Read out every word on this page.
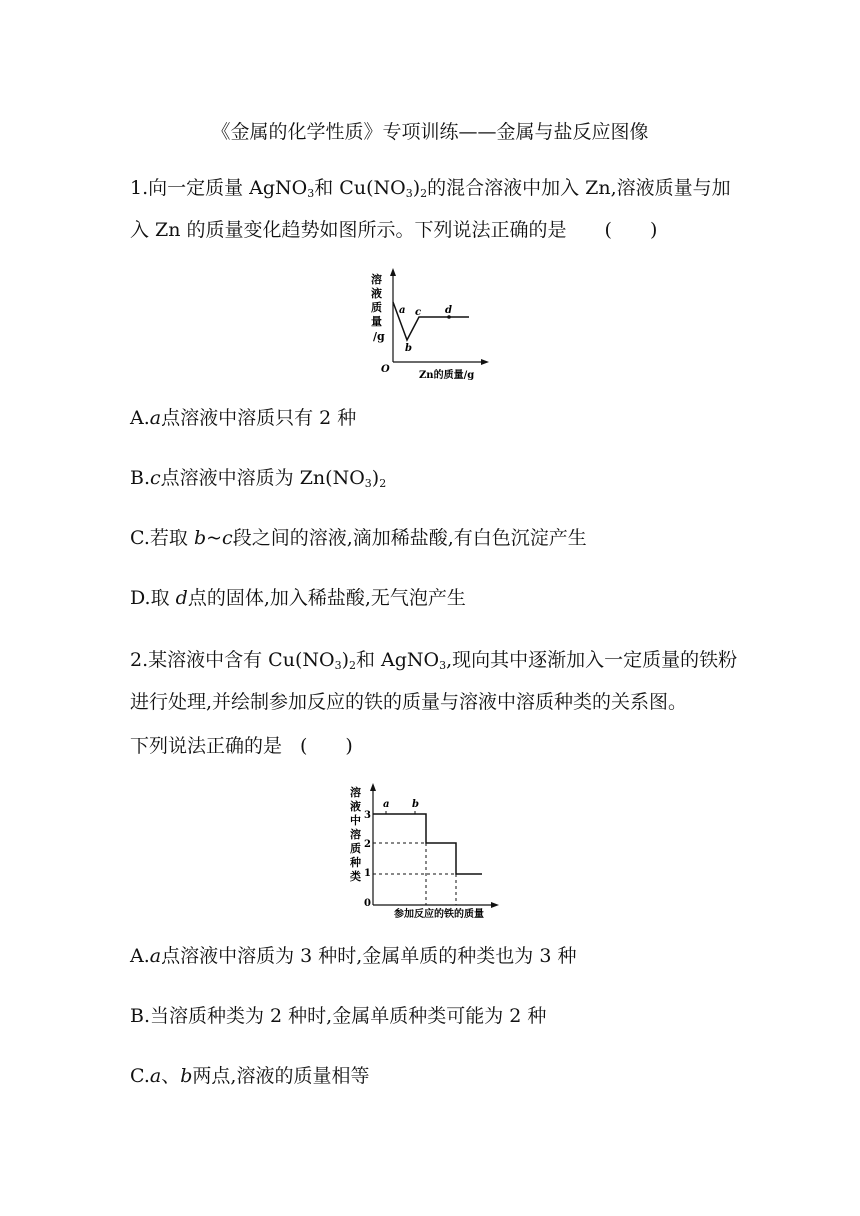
《金属的化学性质》专项训练——金属与盐反应图像
1.向一定质量 AgNO$_3$和 $Cu(NO_3)_2$的混合溶液中加入 Zn,溶液质量与加
入 Zn 的质量变化趋势如图所示。下列说法正确的是 (　　)
溶
液
质
量
/g
O
Zn的质量/g
a
b
c d
A.a点溶液中溶质只有 2 种
B.c点溶液中溶质为 $Zn(NO_3)_2$
C.若取 b~c段之间的溶液,滴加稀盐酸,有白色沉淀产生
D.取 d点的固体,加入稀盐酸,无气泡产生
2.某溶液中含有 $Cu(NO_3)_2$和 AgNO$_3$,现向其中逐渐加入一定质量的铁粉
进行处理,并绘制参加反应的铁的质量与溶液中溶质种类的关系图。
下列说法正确的是 (　　)
溶
液
中
溶
质
种
类
3
2
1
0
a b
参加反应的铁的质量
A.a点溶液中溶质为 3 种时,金属单质的种类也为 3 种
B.当溶质种类为 2 种时,金属单质种类可能为 2 种
C.a、b两点,溶液的质量相等
